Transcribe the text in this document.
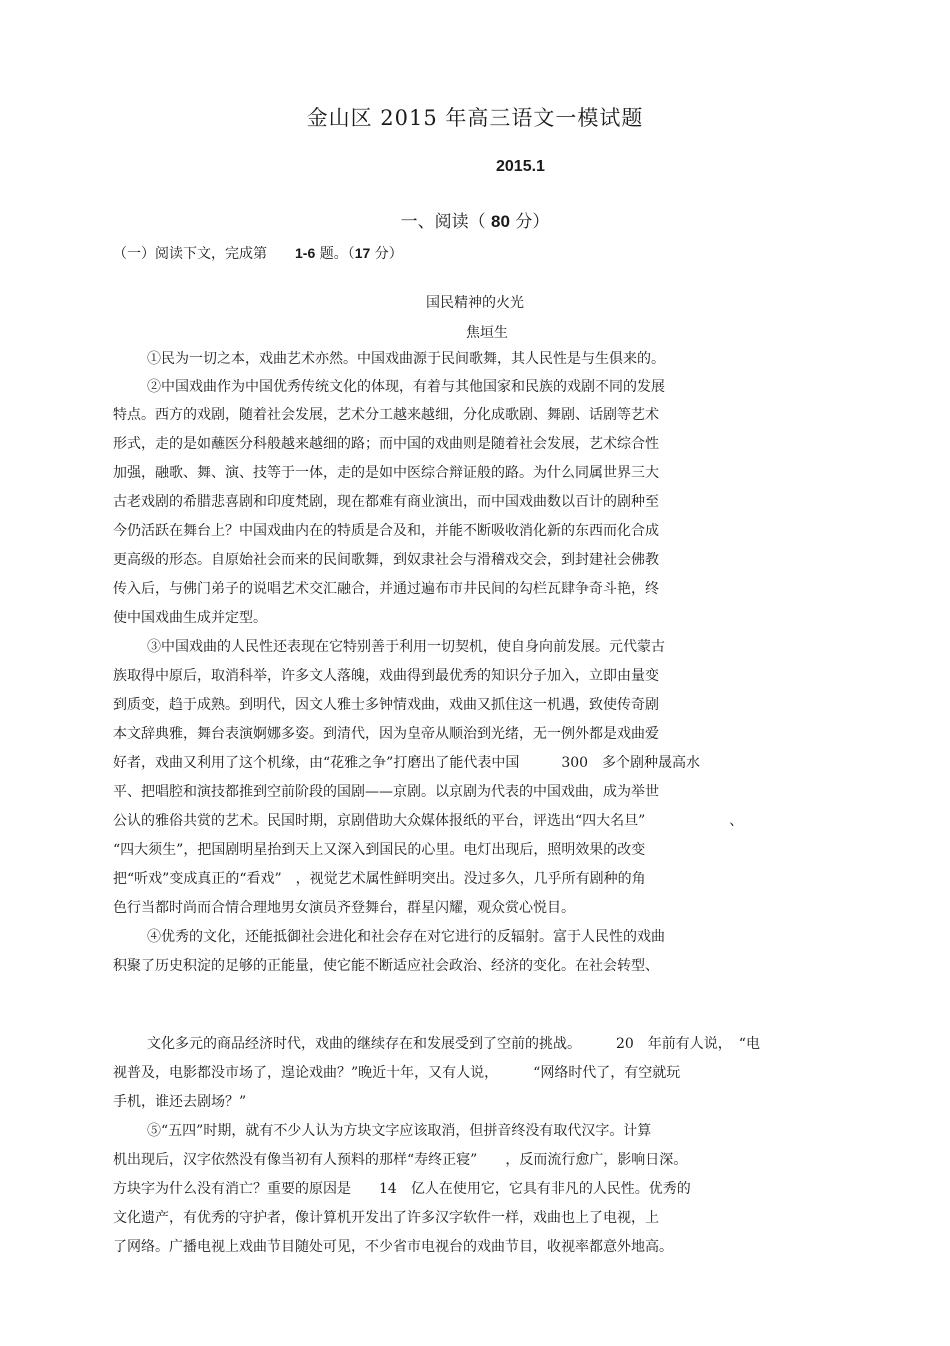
金山区 2015 年高三语文一模试题
2015.1
一、阅读（ 80 分）
（一）阅读下文，完成第　　 1-6 题。（17 分）
国民精神的火光
焦垣生
①民为一切之本，戏曲艺术亦然。中国戏曲源于民间歌舞，其人民性是与生俱来的。
②中国戏曲作为中国优秀传统文化的体现，有着与其他国家和民族的戏剧不同的发展
特点。西方的戏剧，随着社会发展，艺术分工越来越细，分化成歌剧、舞剧、话剧等艺术
形式，走的是如蘸医分科般越来越细的路；而中国的戏曲则是随着社会发展，艺术综合性
加强，融歌、舞、演、技等于一体，走的是如中医综合辩证般的路。为什么同属世界三大
古老戏剧的希腊悲喜剧和印度梵剧，现在都难有商业演出，而中国戏曲数以百计的剧种至
今仍活跃在舞台上？中国戏曲内在的特质是合及和，并能不断吸收消化新的东西而化合成
更高级的形态。自原始社会而来的民间歌舞，到奴隶社会与滑稽戏交会，到封建社会佛教
传入后，与佛门弟子的说唱艺术交汇融合，并通过遍布市井民间的勾栏瓦肆争奇斗艳，终
使中国戏曲生成并定型。
③中国戏曲的人民性还表现在它特别善于利用一切契机，使自身向前发展。元代蒙古
族取得中原后，取消科举，许多文人落魄，戏曲得到最优秀的知识分子加入，立即由量变
到质变，趋于成熟。到明代，因文人雅士多钟情戏曲，戏曲又抓住这一机遇，致使传奇剧
本文辞典雅，舞台表演婀娜多姿。到清代，因为皇帝从顺治到光绪，无一例外都是戏曲爱
好者，戏曲又利用了这个机缘，由“花雅之争”打磨出了能代表中国　　　300　多个剧种晟高水
平、把唱腔和演技都推到空前阶段的国剧——京剧。以京剧为代表的中国戏曲，成为举世
公认的雅俗共赏的艺术。民国时期，京剧借助大众媒体报纸的平台，评选出“四大名旦”　　　　　　、
“四大须生”，把国剧明星抬到天上又深入到国民的心里。电灯出现后，照明效果的改变
把“听戏”变成真正的“看戏”　，视觉艺术属性鲜明突出。没过多久，几乎所有剧种的角
色行当都时尚而合情合理地男女演员齐登舞台，群星闪耀，观众赏心悦目。
④优秀的文化，还能抵御社会进化和社会存在对它进行的反辐射。富于人民性的戏曲
积聚了历史积淀的足够的正能量，使它能不断适应社会政治、经济的变化。在社会转型、
文化多元的商品经济时代，戏曲的继续存在和发展受到了空前的挑战。　　　20　年前有人说，　“电
视普及，电影都没市场了，遑论戏曲？”晚近十年，又有人说，　　　“网络时代了，有空就玩
手机，谁还去剧场？”
⑤“五四”时期，就有不少人认为方块文字应该取消，但拼音终没有取代汉字。计算
机出现后，汉字依然没有像当初有人预料的那样“寿终正寝”　　，反而流行愈广，影响日深。
方块字为什么没有消亡？重要的原因是　　14　亿人在使用它，它具有非凡的人民性。优秀的
文化遗产，有优秀的守护者，像计算机开发出了许多汉字软件一样，戏曲也上了电视，上
了网络。广播电视上戏曲节目随处可见，不少省市电视台的戏曲节目，收视率都意外地高。
